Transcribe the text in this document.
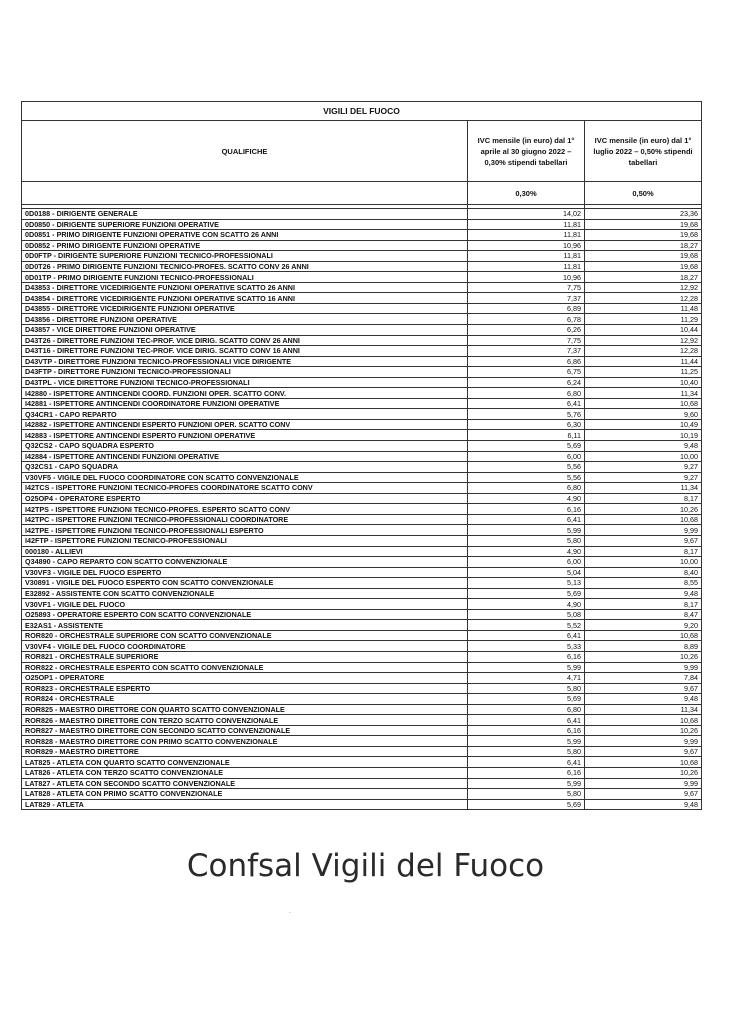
VIGILI DEL FUOCO		
QUALIFICHE	IVC mensile (in euro) dal 1° aprile al 30 giugno 2022 – 0,30% stipendi tabellari	IVC mensile (in euro) dal 1° luglio 2022 – 0,50% stipendi tabellari
	0,30%	0,50%

0D0188 - DIRIGENTE GENERALE	14,02	23,36
0D0850 - DIRIGENTE SUPERIORE FUNZIONI OPERATIVE	11,81	19,68
0D0851 - PRIMO DIRIGENTE FUNZIONI OPERATIVE CON SCATTO 26 ANNI	11,81	19,68
0D0852 - PRIMO DIRIGENTE FUNZIONI OPERATIVE	10,96	18,27
0D0FTP - DIRIGENTE SUPERIORE FUNZIONI TECNICO-PROFESSIONALI	11,81	19,68
0D0T26 - PRIMO DIRIGENTE FUNZIONI TECNICO-PROFES. SCATTO CONV 26 ANNI	11,81	19,68
0D01TP - PRIMO DIRIGENTE FUNZIONI TECNICO-PROFESSIONALI	10,96	18,27
D43853 - DIRETTORE VICEDIRIGENTE FUNZIONI OPERATIVE SCATTO 26 ANNI	7,75	12,92
D43854 - DIRETTORE VICEDIRIGENTE FUNZIONI OPERATIVE SCATTO 16 ANNI	7,37	12,28
D43855 - DIRETTORE VICEDIRIGENTE FUNZIONI OPERATIVE	6,89	11,48
D43856 - DIRETTORE FUNZIONI OPERATIVE	6,78	11,29
D43857 - VICE DIRETTORE FUNZIONI OPERATIVE	6,26	10,44
D43T26 - DIRETTORE FUNZIONI TEC-PROF. VICE DIRIG. SCATTO CONV 26 ANNI	7,75	12,92
D43T16 - DIRETTORE FUNZIONI TEC-PROF. VICE DIRIG. SCATTO CONV 16 ANNI	7,37	12,28
D43VTP - DIRETTORE FUNZIONI TECNICO-PROFESSIONALI VICE DIRIGENTE	6,86	11,44
D43FTP - DIRETTORE FUNZIONI TECNICO-PROFESSIONALI	6,75	11,25
D43TPL - VICE DIRETTORE FUNZIONI TECNICO-PROFESSIONALI	6,24	10,40
I42880 - ISPETTORE ANTINCENDI COORD. FUNZIONI OPER. SCATTO CONV.	6,80	11,34
I42881 - ISPETTORE ANTINCENDI COORDINATORE FUNZIONI OPERATIVE	6,41	10,68
Q34CR1 - CAPO REPARTO	5,76	9,60
I42882 - ISPETTORE ANTINCENDI ESPERTO FUNZIONI OPER. SCATTO CONV	6,30	10,49
I42883 - ISPETTORE ANTINCENDI ESPERTO FUNZIONI OPERATIVE	6,11	10,19
Q32CS2 - CAPO SQUADRA ESPERTO	5,69	9,48
I42884 - ISPETTORE ANTINCENDI FUNZIONI OPERATIVE	6,00	10,00
Q32CS1 - CAPO SQUADRA	5,56	9,27
V30VF5 - VIGILE DEL FUOCO COORDINATORE CON SCATTO CONVENZIONALE	5,56	9,27
I42TCS - ISPETTORE FUNZIONI TECNICO-PROFES COORDINATORE SCATTO CONV	6,80	11,34
O25OP4 - OPERATORE ESPERTO	4,90	8,17
I42TPS - ISPETTORE FUNZIONI TECNICO-PROFES. ESPERTO SCATTO CONV	6,16	10,26
I42TPC - ISPETTORE FUNZIONI TECNICO-PROFESSIONALI COORDINATORE	6,41	10,68
I42TPE - ISPETTORE FUNZIONI TECNICO-PROFESSIONALI ESPERTO	5,99	9,99
I42FTP - ISPETTORE FUNZIONI TECNICO-PROFESSIONALI	5,80	9,67
000180 - ALLIEVI	4,90	8,17
Q34890 - CAPO REPARTO CON SCATTO CONVENZIONALE	6,00	10,00
V30VF3 - VIGILE DEL FUOCO ESPERTO	5,04	8,40
V30891 - VIGILE DEL FUOCO ESPERTO CON SCATTO CONVENZIONALE	5,13	8,55
E32892 - ASSISTENTE CON SCATTO CONVENZIONALE	5,69	9,48
V30VF1 - VIGILE DEL FUOCO	4,90	8,17
O25893 - OPERATORE ESPERTO CON SCATTO CONVENZIONALE	5,08	8,47
E32AS1 - ASSISTENTE	5,52	9,20
ROR820 - ORCHESTRALE SUPERIORE CON SCATTO CONVENZIONALE	6,41	10,68
V30VF4 - VIGILE DEL FUOCO COORDINATORE	5,33	8,89
ROR821 - ORCHESTRALE SUPERIORE	6,16	10,26
ROR822 - ORCHESTRALE ESPERTO CON SCATTO CONVENZIONALE	5,99	9,99
O25OP1 - OPERATORE	4,71	7,84
ROR823 - ORCHESTRALE ESPERTO	5,80	9,67
ROR824 - ORCHESTRALE	5,69	9,48
ROR825 - MAESTRO DIRETTORE CON QUARTO SCATTO CONVENZIONALE	6,80	11,34
ROR826 - MAESTRO DIRETTORE CON TERZO SCATTO CONVENZIONALE	6,41	10,68
ROR827 - MAESTRO DIRETTORE CON SECONDO SCATTO CONVENZIONALE	6,16	10,26
ROR828 - MAESTRO DIRETTORE CON PRIMO SCATTO CONVENZIONALE	5,99	9,99
ROR829 - MAESTRO DIRETTORE	5,80	9,67
LAT825 - ATLETA CON QUARTO SCATTO CONVENZIONALE	6,41	10,68
LAT826 - ATLETA CON TERZO SCATTO CONVENZIONALE	6,16	10,26
LAT827 - ATLETA CON SECONDO SCATTO CONVENZIONALE	5,99	9,99
LAT828 - ATLETA CON PRIMO SCATTO CONVENZIONALE	5,80	9,67
LAT829 - ATLETA	5,69	9,48
Confsal Vigili del Fuoco
´
